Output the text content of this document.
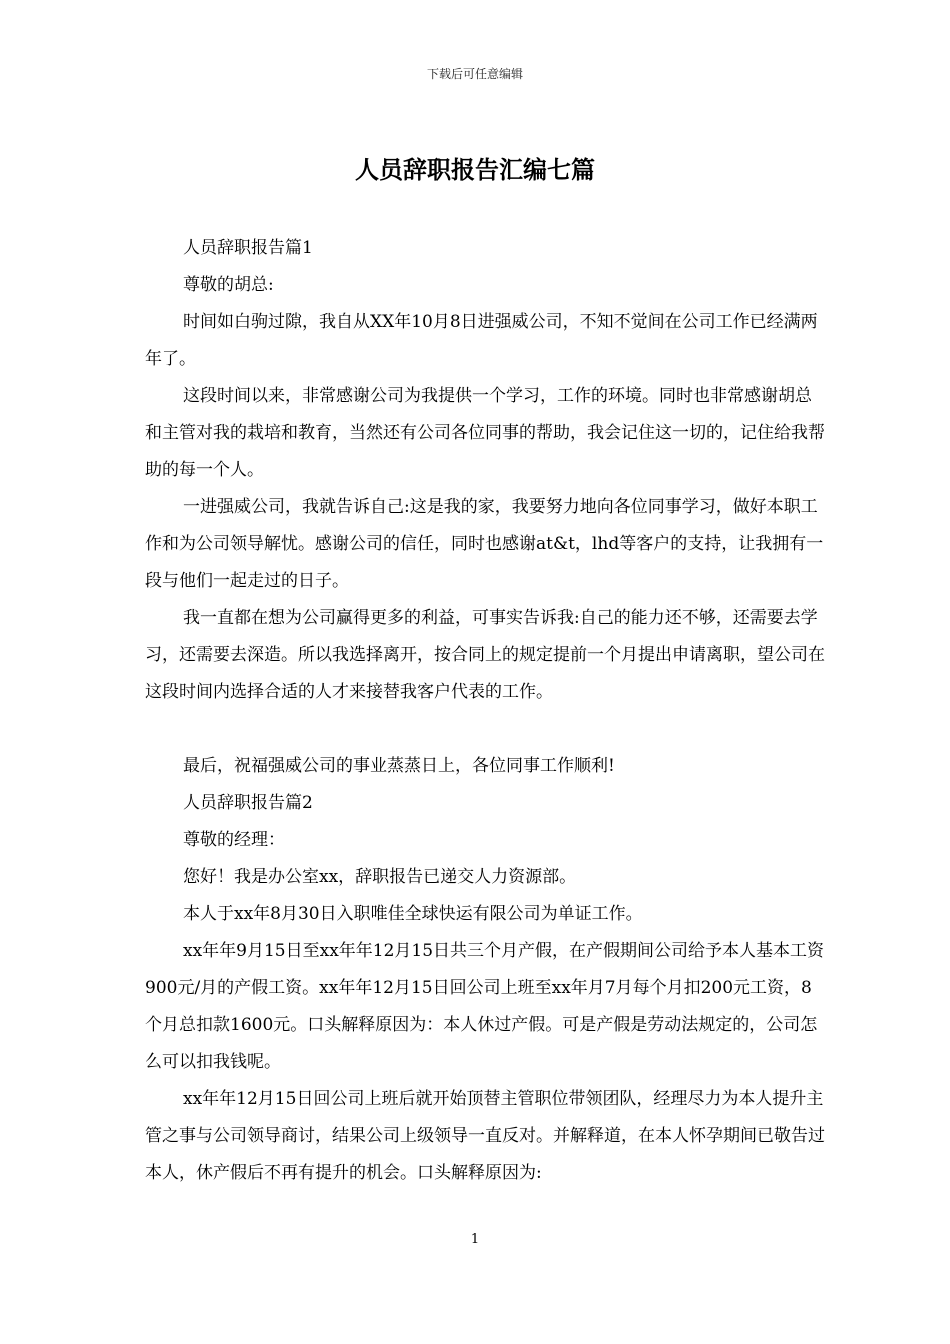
下载后可任意编辑
人员辞职报告汇编七篇

人员辞职报告篇1

尊敬的胡总:

时间如白驹过隙，我自从XX年10月8日进强威公司，不知不觉间在公司工作已经满两年了。

这段时间以来，非常感谢公司为我提供一个学习，工作的环境。同时也非常感谢胡总和主管对我的栽培和教育，当然还有公司各位同事的帮助，我会记住这一切的，记住给我帮助的每一个人。

一进强威公司，我就告诉自己:这是我的家，我要努力地向各位同事学习，做好本职工作和为公司领导解忧。感谢公司的信任，同时也感谢at&t，lhd等客户的支持，让我拥有一段与他们一起走过的日子。

我一直都在想为公司赢得更多的利益，可事实告诉我:自己的能力还不够，还需要去学习，还需要去深造。所以我选择离开，按合同上的规定提前一个月提出申请离职，望公司在这段时间内选择合适的人才来接替我客户代表的工作。

最后，祝福强威公司的事业蒸蒸日上，各位同事工作顺利!

人员辞职报告篇2

尊敬的经理：

您好！我是办公室xx，辞职报告已递交人力资源部。

本人于xx年8月30日入职唯佳全球快运有限公司为单证工作。

xx年年9月15日至xx年年12月15日共三个月产假，在产假期间公司给予本人基本工资900元/月的产假工资。xx年年12月15日回公司上班至xx年月7月每个月扣200元工资，8个月总扣款1600元。口头解释原因为：本人休过产假。可是产假是劳动法规定的，公司怎么可以扣我钱呢。

xx年年12月15日回公司上班后就开始顶替主管职位带领团队，经理尽力为本人提升主管之事与公司领导商讨，结果公司上级领导一直反对。并解释道，在本人怀孕期间已敬告过本人，休产假后不再有提升的机会。口头解释原因为:

1
